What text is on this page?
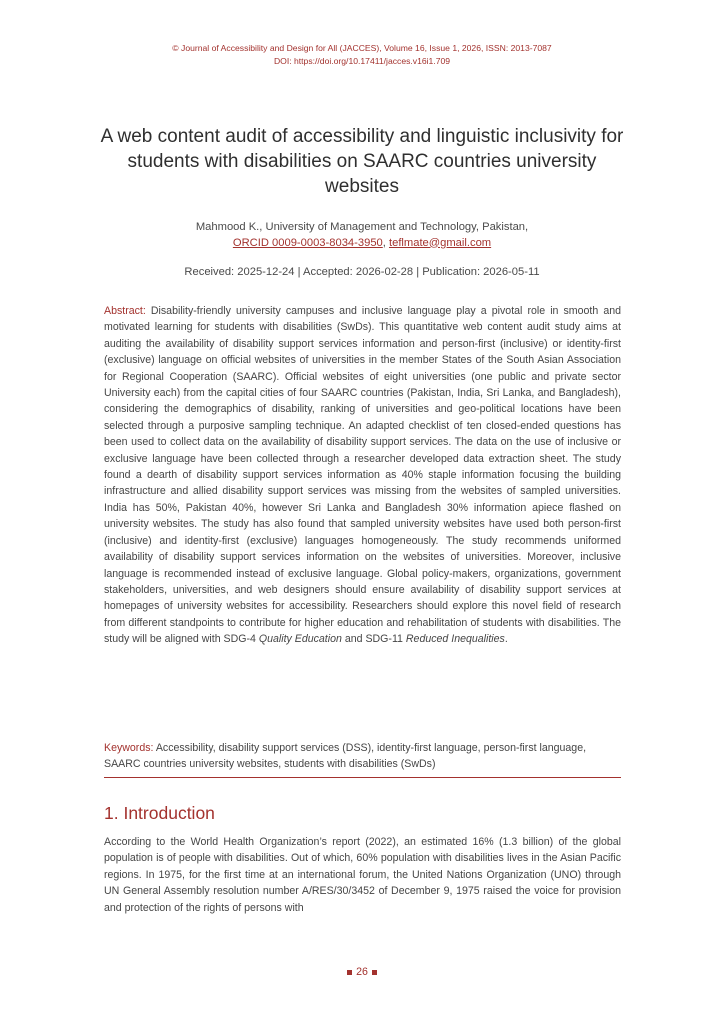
© Journal of Accessibility and Design for All (JACCES), Volume 16, Issue 1, 2026, ISSN: 2013-7087
DOI: https://doi.org/10.17411/jacces.v16i1.709
A web content audit of accessibility and linguistic inclusivity for students with disabilities on SAARC countries university websites
Mahmood K., University of Management and Technology, Pakistan,
ORCID 0009-0003-8034-3950, teflmate@gmail.com
Received: 2025-12-24 | Accepted: 2026-02-28 | Publication: 2026-05-11
Abstract: Disability-friendly university campuses and inclusive language play a pivotal role in smooth and motivated learning for students with disabilities (SwDs). This quantitative web content audit study aims at auditing the availability of disability support services information and person-first (inclusive) or identity-first (exclusive) language on official websites of universities in the member States of the South Asian Association for Regional Cooperation (SAARC). Official websites of eight universities (one public and private sector University each) from the capital cities of four SAARC countries (Pakistan, India, Sri Lanka, and Bangladesh), considering the demographics of disability, ranking of universities and geo-political locations have been selected through a purposive sampling technique. An adapted checklist of ten closed-ended questions has been used to collect data on the availability of disability support services. The data on the use of inclusive or exclusive language have been collected through a researcher developed data extraction sheet. The study found a dearth of disability support services information as 40% staple information focusing the building infrastructure and allied disability support services was missing from the websites of sampled universities. India has 50%, Pakistan 40%, however Sri Lanka and Bangladesh 30% information apiece flashed on university websites. The study has also found that sampled university websites have used both person-first (inclusive) and identity-first (exclusive) languages homogeneously. The study recommends uniformed availability of disability support services information on the websites of universities. Moreover, inclusive language is recommended instead of exclusive language. Global policy-makers, organizations, government stakeholders, universities, and web designers should ensure availability of disability support services at homepages of university websites for accessibility. Researchers should explore this novel field of research from different standpoints to contribute for higher education and rehabilitation of students with disabilities. The study will be aligned with SDG-4 Quality Education and SDG-11 Reduced Inequalities.
Keywords: Accessibility, disability support services (DSS), identity-first language, person-first language, SAARC countries university websites, students with disabilities (SwDs)
1. Introduction
According to the World Health Organization’s report (2022), an estimated 16% (1.3 billion) of the global population is of people with disabilities. Out of which, 60% population with disabilities lives in the Asian Pacific regions. In 1975, for the first time at an international forum, the United Nations Organization (UNO) through UN General Assembly resolution number A/RES/30/3452 of December 9, 1975 raised the voice for provision and protection of the rights of persons with
26
